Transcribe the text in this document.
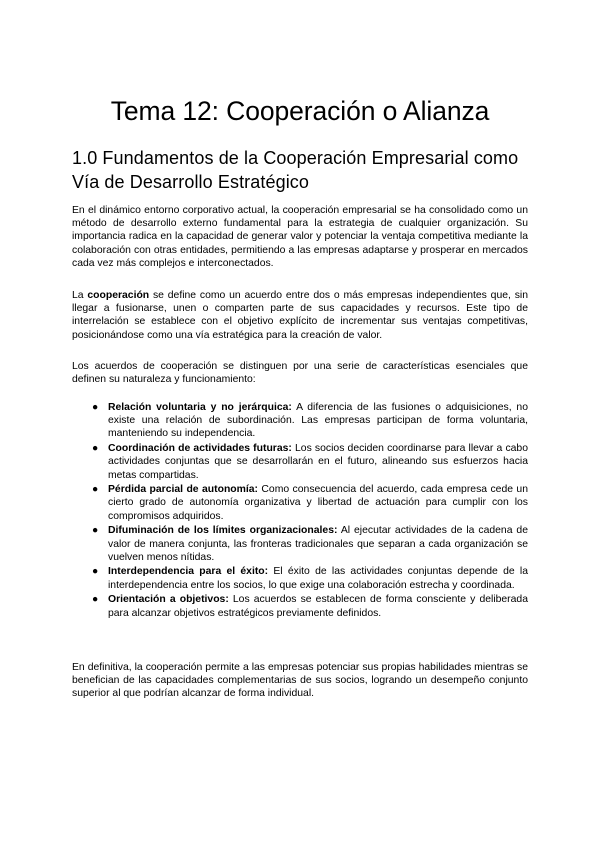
Tema 12: Cooperación o Alianza
1.0 Fundamentos de la Cooperación Empresarial como Vía de Desarrollo Estratégico

En el dinámico entorno corporativo actual, la cooperación empresarial se ha consolidado como un método de desarrollo externo fundamental para la estrategia de cualquier organización. Su importancia radica en la capacidad de generar valor y potenciar la ventaja competitiva mediante la colaboración con otras entidades, permitiendo a las empresas adaptarse y prosperar en mercados cada vez más complejos e interconectados.

La cooperación se define como un acuerdo entre dos o más empresas independientes que, sin llegar a fusionarse, unen o comparten parte de sus capacidades y recursos. Este tipo de interrelación se establece con el objetivo explícito de incrementar sus ventajas competitivas, posicionándose como una vía estratégica para la creación de valor.

Los acuerdos de cooperación se distinguen por una serie de características esenciales que definen su naturaleza y funcionamiento:

● Relación voluntaria y no jerárquica: A diferencia de las fusiones o adquisiciones, no existe una relación de subordinación. Las empresas participan de forma voluntaria, manteniendo su independencia.
● Coordinación de actividades futuras: Los socios deciden coordinarse para llevar a cabo actividades conjuntas que se desarrollarán en el futuro, alineando sus esfuerzos hacia metas compartidas.
● Pérdida parcial de autonomía: Como consecuencia del acuerdo, cada empresa cede un cierto grado de autonomía organizativa y libertad de actuación para cumplir con los compromisos adquiridos.
● Difuminación de los límites organizacionales: Al ejecutar actividades de la cadena de valor de manera conjunta, las fronteras tradicionales que separan a cada organización se vuelven menos nítidas.
● Interdependencia para el éxito: El éxito de las actividades conjuntas depende de la interdependencia entre los socios, lo que exige una colaboración estrecha y coordinada.
● Orientación a objetivos: Los acuerdos se establecen de forma consciente y deliberada para alcanzar objetivos estratégicos previamente definidos.

En definitiva, la cooperación permite a las empresas potenciar sus propias habilidades mientras se benefician de las capacidades complementarias de sus socios, logrando un desempeño conjunto superior al que podrían alcanzar de forma individual.
